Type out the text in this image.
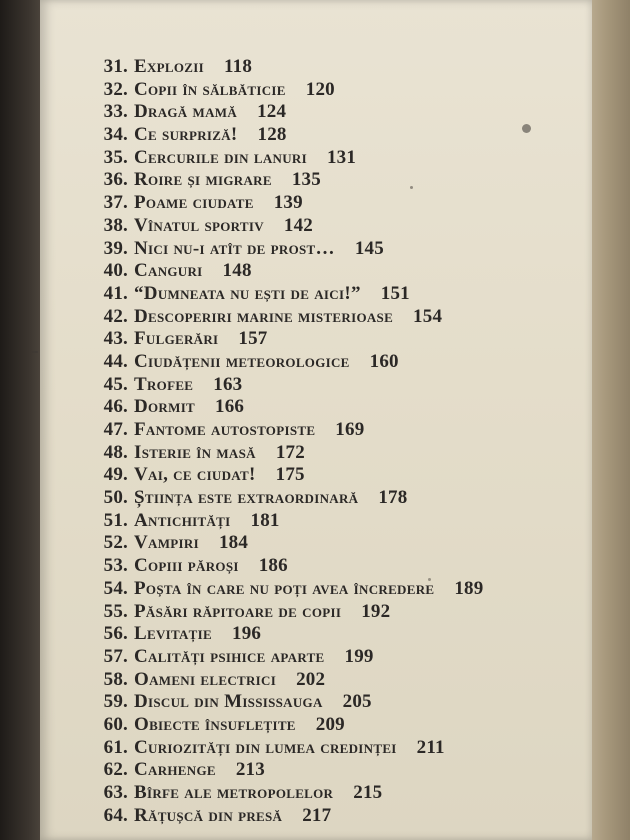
31. Explozii 118
32. Copii în sălbăticie 120
33. Dragă mamă 124
34. Ce surpriză! 128
35. Cercurile din lanuri 131
36. Roire și migrare 135
37. Poame ciudate 139
38. Vînatul sportiv 142
39. Nici nu-i atît de prost… 145
40. Canguri 148
41. “Dumneata nu ești de aici!” 151
42. Descoperiri marine misterioase 154
43. Fulgerări 157
44. Ciudățenii meteorologice 160
45. Trofee 163
46. Dormit 166
47. Fantome autostopiste 169
48. Isterie în masă 172
49. Vai, ce ciudat! 175
50. Știința este extraordinară 178
51. Antichități 181
52. Vampiri 184
53. Copiii păroși 186
54. Poșta în care nu poți avea încredere 189
55. Păsări răpitoare de copii 192
56. Levitație 196
57. Calități psihice aparte 199
58. Oameni electrici 202
59. Discul din Mississauga 205
60. Obiecte însuflețite 209
61. Curiozități din lumea credinței 211
62. Carhenge 213
63. Bîrfe ale metropolelor 215
64. Rățușcă din presă 217
